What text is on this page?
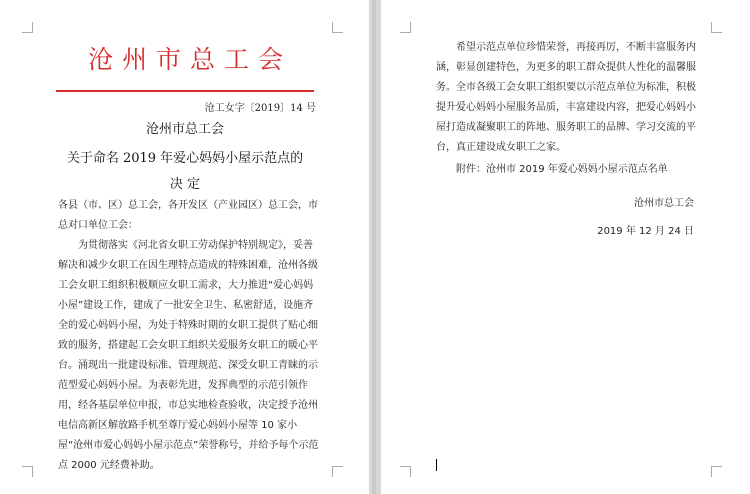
沧州市总工会
沧工女字〔2019〕14 号
沧州市总工会
关于命名 2019 年爱心妈妈小屋示范点的
决 定
各县（市、区）总工会，各开发区（产业园区）总工会，市总对口单位工会：
为贯彻落实《河北省女职工劳动保护特别规定》，妥善解决和减少女职工在因生理特点造成的特殊困难，沧州各级工会女职工组织积极顺应女职工需求，大力推进“爱心妈妈小屋”建设工作，建成了一批安全卫生、私密舒适，设施齐全的爱心妈妈小屋，为处于特殊时期的女职工提供了贴心细致的服务，搭建起工会女职工组织关爱服务女职工的暖心平台。涌现出一批建设标准、管理规范、深受女职工青睐的示范型爱心妈妈小屋。为表彰先进，发挥典型的示范引领作用，经各基层单位申报，市总实地检查验收，决定授予沧州电信高新区解放路手机至尊厅爱心妈妈小屋等 10 家小屋“沧州市爱心妈妈小屋示范点”荣誉称号，并给予每个示范点 2000 元经费补助。
希望示范点单位珍惜荣誉，再接再厉，不断丰富服务内涵，彰显创建特色，为更多的职工群众提供人性化的温馨服务。全市各级工会女职工组织要以示范点单位为标准，积极提升爱心妈妈小屋服务品质，丰富建设内容，把爱心妈妈小屋打造成凝聚职工的阵地、服务职工的品牌、学习交流的平台，真正建设成女职工之家。
附件：沧州市 2019 年爱心妈妈小屋示范点名单
沧州市总工会
2019 年 12 月 24 日
